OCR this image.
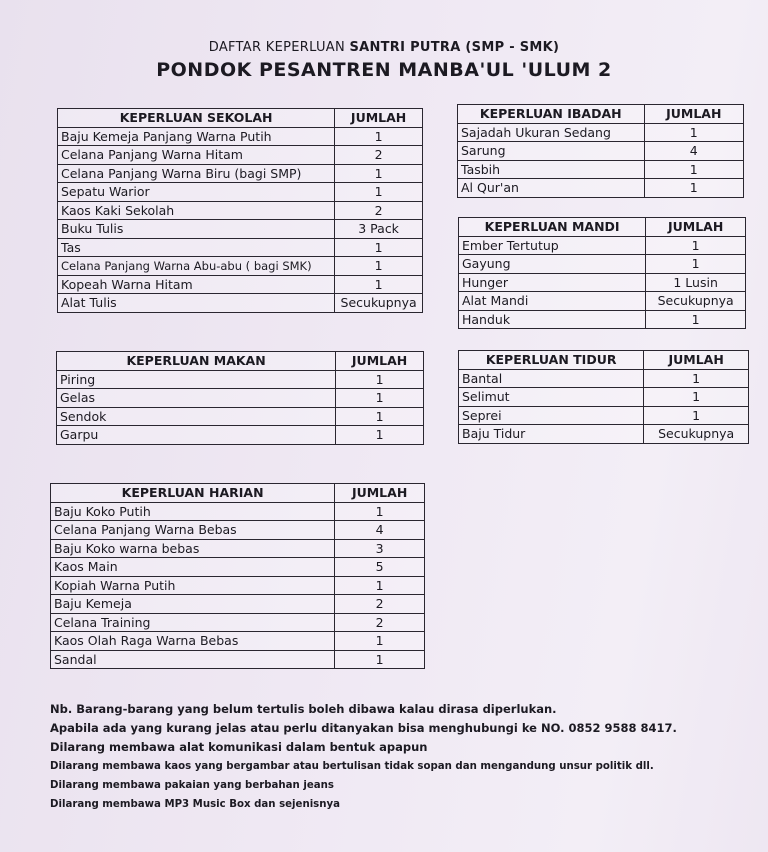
DAFTAR KEPERLUAN SANTRI PUTRA (SMP - SMK)
PONDOK PESANTREN MANBA'UL 'ULUM 2
KEPERLUAN SEKOLAH	JUMLAH
Baju Kemeja Panjang Warna Putih	1
Celana Panjang Warna Hitam	2
Celana Panjang Warna Biru (bagi SMP)	1
Sepatu Warior	1
Kaos Kaki Sekolah	2
Buku Tulis	3 Pack
Tas	1
Celana Panjang Warna Abu-abu ( bagi SMK)	1
Kopeah Warna Hitam	1
Alat Tulis	Secukupnya
KEPERLUAN IBADAH	JUMLAH
Sajadah Ukuran Sedang	1
Sarung	4
Tasbih	1
Al Qur'an	1
KEPERLUAN MANDI	JUMLAH
Ember Tertutup	1
Gayung	1
Hunger	1 Lusin
Alat Mandi	Secukupnya
Handuk	1
KEPERLUAN MAKAN	JUMLAH
Piring	1
Gelas	1
Sendok	1
Garpu	1
KEPERLUAN TIDUR	JUMLAH
Bantal	1
Selimut	1
Seprei	1
Baju Tidur	Secukupnya
KEPERLUAN HARIAN	JUMLAH
Baju Koko Putih	1
Celana Panjang Warna Bebas	4
Baju Koko warna bebas	3
Kaos Main	5
Kopiah Warna Putih	1
Baju Kemeja	2
Celana Training	2
Kaos Olah Raga Warna Bebas	1
Sandal	1

Nb. Barang-barang yang belum tertulis boleh dibawa kalau dirasa diperlukan.

Apabila ada yang kurang jelas atau perlu ditanyakan bisa menghubungi ke NO. 0852 9588 8417.

Dilarang membawa alat komunikasi dalam bentuk apapun

Dilarang membawa kaos yang bergambar atau bertulisan tidak sopan dan mengandung unsur politik dll.

Dilarang membawa pakaian yang berbahan jeans

Dilarang membawa MP3 Music Box dan sejenisnya
